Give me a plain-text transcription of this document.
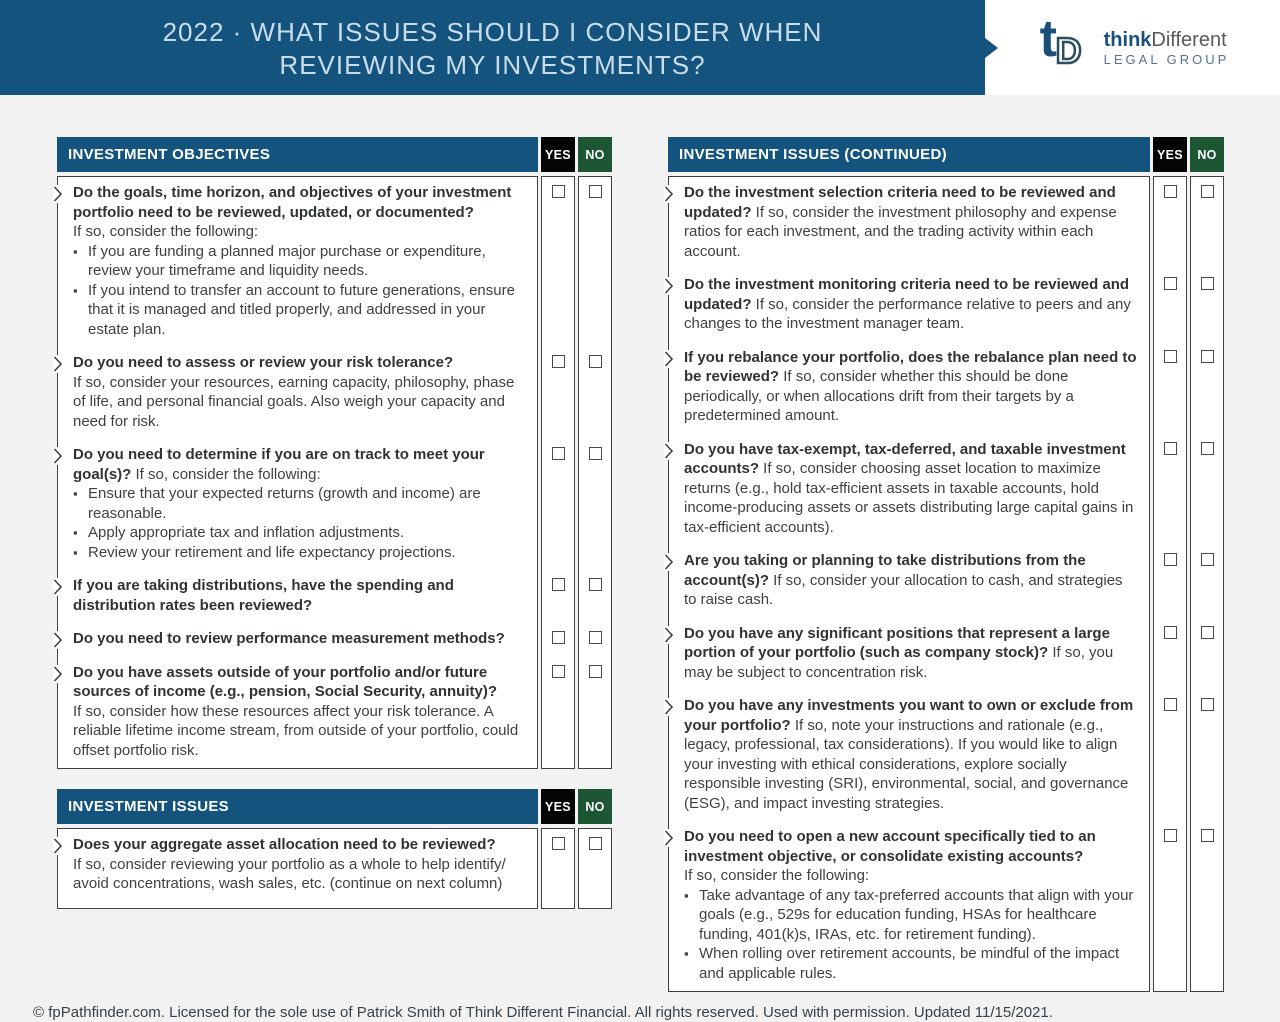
2022 · WHAT ISSUES SHOULD I CONSIDER WHEN
REVIEWING MY INVESTMENTS?	t
D thinkDifferent
LEGAL GROUP
INVESTMENT OBJECTIVES	YES	NO
Do the goals, time horizon, and objectives of your investment portfolio need to be reviewed, updated, or documented?
If so, consider the following:
▪ If you are funding a planned major purchase or expenditure, review your timeframe and liquidity needs.
▪ If you intend to transfer an account to future generations, ensure that it is managed and titled properly, and addressed in your estate plan.
Do you need to assess or review your risk tolerance?
If so, consider your resources, earning capacity, philosophy, phase of life, and personal financial goals. Also weigh your capacity and need for risk.
Do you need to determine if you are on track to meet your goal(s)? If so, consider the following:
▪ Ensure that your expected returns (growth and income) are reasonable.
▪ Apply appropriate tax and inflation adjustments.
▪ Review your retirement and life expectancy projections.
If you are taking distributions, have the spending and distribution rates been reviewed?
Do you need to review performance measurement methods?
Do you have assets outside of your portfolio and/or future sources of income (e.g., pension, Social Security, annuity)?
If so, consider how these resources affect your risk tolerance. A reliable lifetime income stream, from outside of your portfolio, could offset portfolio risk.
INVESTMENT ISSUES	YES	NO
Does your aggregate asset allocation need to be reviewed?
If so, consider reviewing your portfolio as a whole to help identify/ avoid concentrations, wash sales, etc. (continue on next column)
INVESTMENT ISSUES (CONTINUED)	YES	NO
Do the investment selection criteria need to be reviewed and updated? If so, consider the investment philosophy and expense ratios for each investment, and the trading activity within each account.
Do the investment monitoring criteria need to be reviewed and updated? If so, consider the performance relative to peers and any changes to the investment manager team.
If you rebalance your portfolio, does the rebalance plan need to be reviewed? If so, consider whether this should be done periodically, or when allocations drift from their targets by a predetermined amount.
Do you have tax-exempt, tax-deferred, and taxable investment accounts? If so, consider choosing asset location to maximize returns (e.g., hold tax-efficient assets in taxable accounts, hold income-producing assets or assets distributing large capital gains in tax-efficient accounts).
Are you taking or planning to take distributions from the account(s)? If so, consider your allocation to cash, and strategies to raise cash.
Do you have any significant positions that represent a large portion of your portfolio (such as company stock)? If so, you may be subject to concentration risk.
Do you have any investments you want to own or exclude from your portfolio? If so, note your instructions and rationale (e.g., legacy, professional, tax considerations). If you would like to align your investing with ethical considerations, explore socially responsible investing (SRI), environmental, social, and governance (ESG), and impact investing strategies.
Do you need to open a new account specifically tied to an investment objective, or consolidate existing accounts?
If so, consider the following:
▪ Take advantage of any tax-preferred accounts that align with your goals (e.g., 529s for education funding, HSAs for healthcare funding, 401(k)s, IRAs, etc. for retirement funding).
▪ When rolling over retirement accounts, be mindful of the impact and applicable rules.
© fpPathfinder.com. Licensed for the sole use of Patrick Smith of Think Different Financial. All rights reserved. Used with permission. Updated 11/15/2021.
